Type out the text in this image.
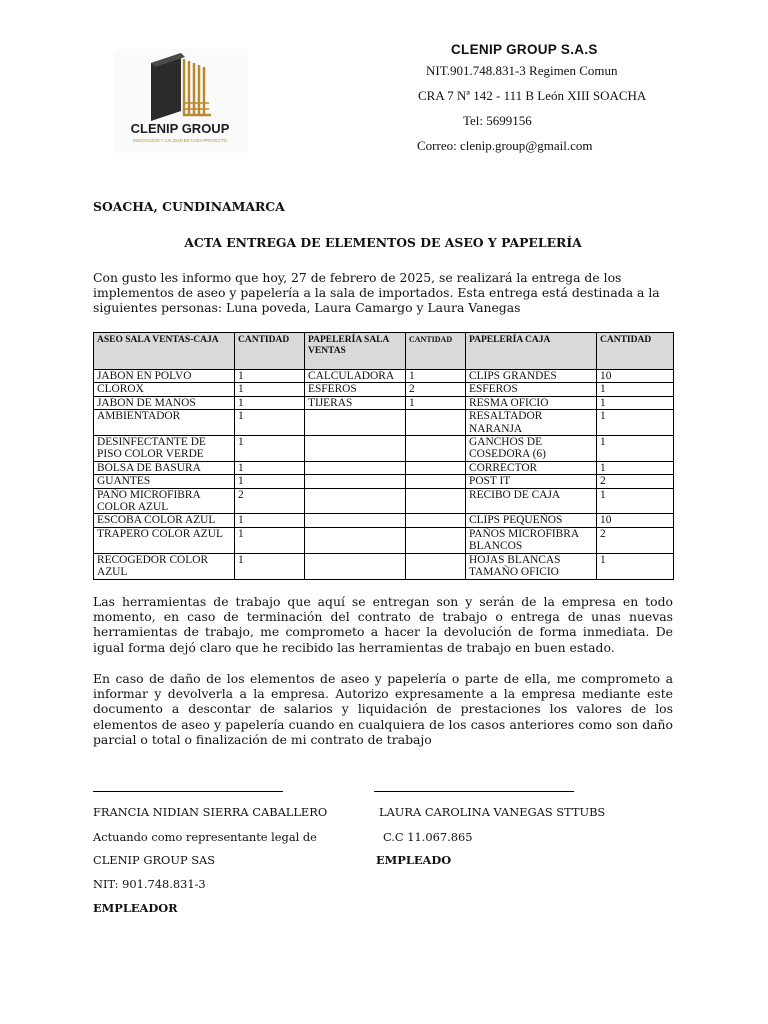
CLENIP GROUP
INNOVACIÓN Y CALIDAD EN CADA PROYECTO
CLENIP GROUP S.A.S
NIT.901.748.831-3 Regimen Comun
CRA 7 Nª 142 - 111 B León XIII SOACHA
Tel: 5699156
Correo: clenip.group@gmail.com
SOACHA, CUNDINAMARCA
ACTA ENTREGA DE ELEMENTOS DE ASEO Y PAPELERÍA
Con gusto les informo que hoy, 27 de febrero de 2025, se realizará la entrega de los implementos de aseo y papelería a la sala de importados. Esta entrega está destinada a la siguientes personas: Luna poveda, Laura Camargo y Laura Vanegas
ASEO SALA VENTAS-CAJA	CANTIDAD	PAPELERÍA SALA VENTAS	CANTIDAD	PAPELERÍA CAJA	CANTIDAD
JABON EN POLVO	1	CALCULADORA	1	CLIPS GRANDES	10
CLOROX	1	ESFEROS	2	ESFEROS	1
JABON DE MANOS	1	TIJERAS	1	RESMA OFICIO	1
AMBIENTADOR	1			RESALTADOR NARANJA	1
DESINFECTANTE DE PISO COLOR VERDE	1			GANCHOS DE COSEDORA (6)	1
BOLSA DE BASURA	1			CORRECTOR	1
GUANTES	1			POST IT	2
PAÑO MICROFIBRA COLOR AZUL	2			RECIBO DE CAJA	1
ESCOBA COLOR AZUL	1			CLIPS PEQUEÑOS	10
TRAPERO COLOR AZUL	1			PAÑOS MICROFIBRA BLANCOS	2
RECOGEDOR COLOR AZUL	1			HOJAS BLANCAS TAMAÑO OFICIO	1
Las herramientas de trabajo que aquí se entregan son y serán de la empresa en todo momento, en caso de terminación del contrato de trabajo o entrega de unas nuevas herramientas de trabajo, me comprometo a hacer la devolución de forma inmediata. De igual forma dejó claro que he recibido las herramientas de trabajo en buen estado.
En caso de daño de los elementos de aseo y papelería o parte de ella, me comprometo a informar y devolverla a la empresa. Autorizo expresamente a la empresa mediante este documento a descontar de salarios y liquidación de prestaciones los valores de los elementos de aseo y papelería cuando en cualquiera de los casos anteriores como son daño parcial o total o finalización de mi contrato de trabajo
FRANCIA NIDIAN SIERRA CABALLERO
Actuando como representante legal de
CLENIP GROUP SAS
NIT: 901.748.831-3
EMPLEADOR
LAURA CAROLINA VANEGAS STTUBS
C.C 11.067.865
EMPLEADO
